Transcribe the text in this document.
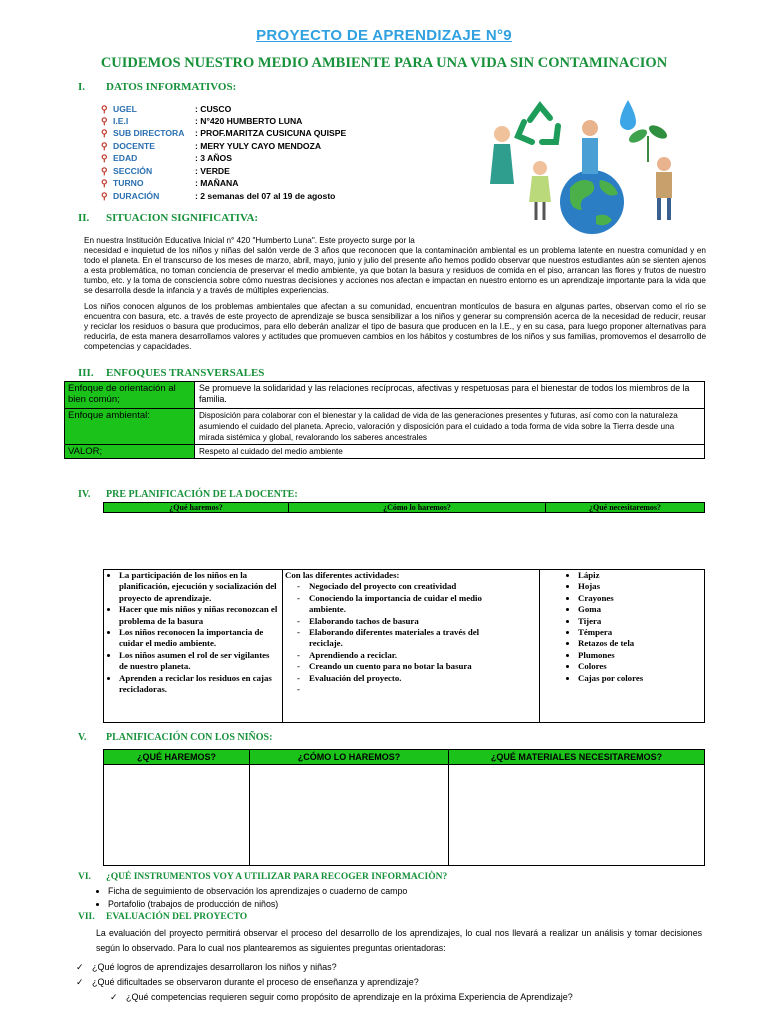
PROYECTO DE APRENDIZAJE N°9
CUIDEMOS NUESTRO MEDIO AMBIENTE PARA UNA VIDA SIN CONTAMINACION
I. DATOS INFORMATIVOS:
⚲ UGEL	: CUSCO
⚲ I.E.I	: N°420 HUMBERTO LUNA
⚲ SUB DIRECTORA : PROF.MARITZA CUSICUNA QUISPE
⚲ DOCENTE	: MERY YULY CAYO MENDOZA
⚲ EDAD	: 3 AÑOS
⚲ SECCIÓN	: VERDE
⚲ TURNO	: MAÑANA
⚲ DURACIÓN	: 2 semanas del 07 al 19 de agosto
II. SITUACION SIGNIFICATIVA:
En nuestra Institución Educativa Inicial n° 420 "Humberto Luna". Este proyecto surge por la
necesidad e inquietud de los niños y niñas del salón verde de 3 años que reconocen que la contaminación ambiental es un problema latente en nuestra comunidad y en todo el planeta. En el transcurso de los meses de marzo, abril, mayo, junio y julio del presente año hemos podido observar que nuestros estudiantes aún se sienten ajenos a esta problemática, no toman conciencia de preservar el medio ambiente, ya que botan la basura y residuos de comida en el piso, arrancan las flores y frutos de nuestro tumbo, etc. y la toma de consciencia sobre cómo nuestras decisiones y acciones nos afectan e impactan en nuestro entorno es un aprendizaje importante para la vida que se desarrolla desde la infancia y a través de múltiples experiencias.
Los niños conocen algunos de los problemas ambientales que afectan a su comunidad, encuentran montículos de basura en algunas partes, observan como el rio se encuentra con basura, etc. a través de este proyecto de aprendizaje se busca sensibilizar a los niños y generar su comprensión acerca de la necesidad de reducir, reusar y reciclar los residuos o basura que producimos, para ello deberán analizar el tipo de basura que producen en la I.E., y en su casa, para luego proponer alternativas para reducirla, de esta manera desarrollamos valores y actitudes que promueven cambios en los hábitos y costumbres de los niños y sus familias, promovemos el desarrollo de competencias y capacidades.
III. ENFOQUES TRANSVERSALES
Enfoque de orientación al bien común;	Se promueve la solidaridad y las relaciones recíprocas, afectivas y respetuosas para el bienestar de todos los miembros de la familia.
Enfoque ambiental:	Disposición para colaborar con el bienestar y la calidad de vida de las generaciones presentes y futuras, así como con la naturaleza asumiendo el cuidado del planeta. Aprecio, valoración y disposición para el cuidado a toda forma de vida sobre la Tierra desde una mirada sistémica y global, revalorando los saberes ancestrales
VALOR;	Respeto al cuidado del medio ambiente
IV. PRE PLANIFICACIÓN DE LA DOCENTE:
¿Qué haremos?	¿Cómo lo haremos?	¿Qué necesitaremos?
• La participación de los niños en la planificación, ejecución y socialización del proyecto de aprendizaje.
• Hacer que mis niños y niñas reconozcan el problema de la basura
• Los niños reconocen la importancia de cuidar el medio ambiente.
• Los niños asumen el rol de ser vigilantes de nuestro planeta.
• Aprenden a reciclar los residuos en cajas recicladoras.

Con las diferentes actividades:
- Negociado del proyecto con creatividad
- Conociendo la importancia de cuidar el medio ambiente.
- Elaborando tachos de basura
- Elaborando diferentes materiales a través del reciclaje.
- Aprendiendo a reciclar.
- Creando un cuento para no botar la basura
- Evaluación del proyecto.

• Lápiz
• Hojas
• Crayones
• Goma
• Tijera
• Témpera
• Retazos de tela
• Plumones
• Colores
• Cajas por colores
V. PLANIFICACIÓN CON LOS NIÑOS:
¿QUÉ HAREMOS?	¿CÓMO LO HAREMOS?	¿QUÉ MATERIALES NECESITAREMOS?

VI. ¿QUÉ INSTRUMENTOS VOY A UTILIZAR PARA RECOGER INFORMACIÒN?
• Ficha de seguimiento de observación los aprendizajes o cuaderno de campo
• Portafolio (trabajos de producción de niños)
VII. EVALUACIÓN DEL PROYECTO
La evaluación del proyecto permitirá observar el proceso del desarrollo de los aprendizajes, lo cual nos llevará a realizar un análisis y tomar decisiones según lo observado. Para lo cual nos plantearemos as siguientes preguntas orientadoras:
✓ ¿Qué logros de aprendizajes desarrollaron los niños y niñas?
✓ ¿Qué dificultades se observaron durante el proceso de enseñanza y aprendizaje?
✓ ¿Qué competencias requieren seguir como propósito de aprendizaje en la próxima Experiencia de Aprendizaje?
